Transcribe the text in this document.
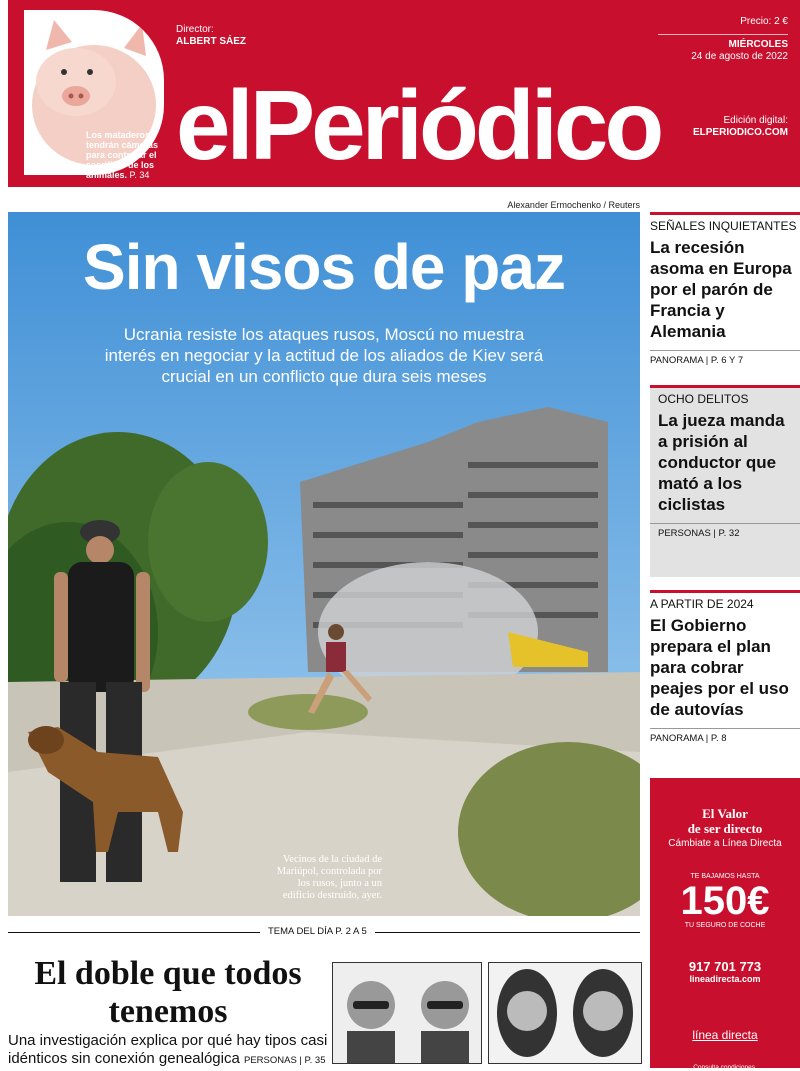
Los mataderos tendrán cámaras para controlar el sacrificio de los animales. P. 34
Director:
ALBERT SÁEZ
elPeriódico
Precio: 2 €
MIÉRCOLES
24 de agosto de 2022
Edición digital:
ELPERIODICO.COM
Alexander Ermochenko / Reuters
Sin visos de paz
Ucrania resiste los ataques rusos, Moscú no muestra interés en negociar y la actitud de los aliados de Kiev será crucial en un conflicto que dura seis meses
Vecinos de la ciudad de Mariúpol, controlada por los rusos, junto a un edificio destruido, ayer.
SEÑALES INQUIETANTES
La recesión asoma en Europa por el parón de Francia y Alemania
PANORAMA | P. 6 Y 7
OCHO DELITOS
La jueza manda a prisión al conductor que mató a los ciclistas
PERSONAS | P. 32
A PARTIR DE 2024
El Gobierno prepara el plan para cobrar peajes por el uso de autovías
PANORAMA | P. 8
El Valor
de ser directo
Cámbiate a Línea Directa
TE BAJAMOS HASTA
150€
TU SEGURO DE COCHE
917 701 773
lineadirecta.com
línea directa
Consulta condiciones.
TEMA DEL DÍA P. 2 A 5
El doble que todos tenemos
Una investigación explica por qué hay tipos casi idénticos sin conexión genealógica PERSONAS | P. 35
